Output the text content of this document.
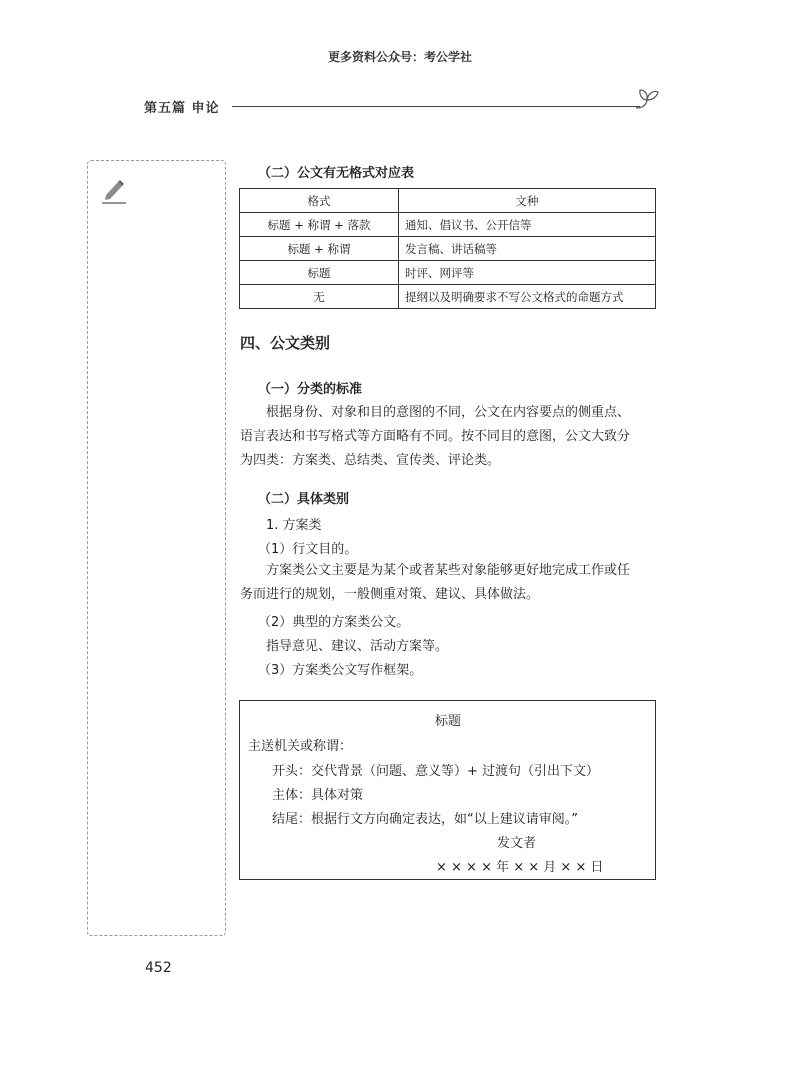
更多资料公众号：考公学社
第五篇 申论
（二）公文有无格式对应表
格式	文种
标题 + 称谓 + 落款	通知、倡议书、公开信等
标题 + 称谓	发言稿、讲话稿等
标题	时评、网评等
无	提纲以及明确要求不写公文格式的命题方式
四、公文类别
（一）分类的标准
根据身份、对象和目的意图的不同，公文在内容要点的侧重点、
语言表达和书写格式等方面略有不同。按不同目的意图，公文大致分
为四类：方案类、总结类、宣传类、评论类。
（二）具体类别
1. 方案类
（1）行文目的。
方案类公文主要是为某个或者某些对象能够更好地完成工作或任
务而进行的规划，一般侧重对策、建议、具体做法。
（2）典型的方案类公文。
指导意见、建议、活动方案等。
（3）方案类公文写作框架。
标题
主送机关或称谓：
开头：交代背景（问题、意义等）+ 过渡句（引出下文）
主体：具体对策
结尾：根据行文方向确定表达，如“以上建议请审阅。”
发文者
× × × × 年 × × 月 × × 日
452
